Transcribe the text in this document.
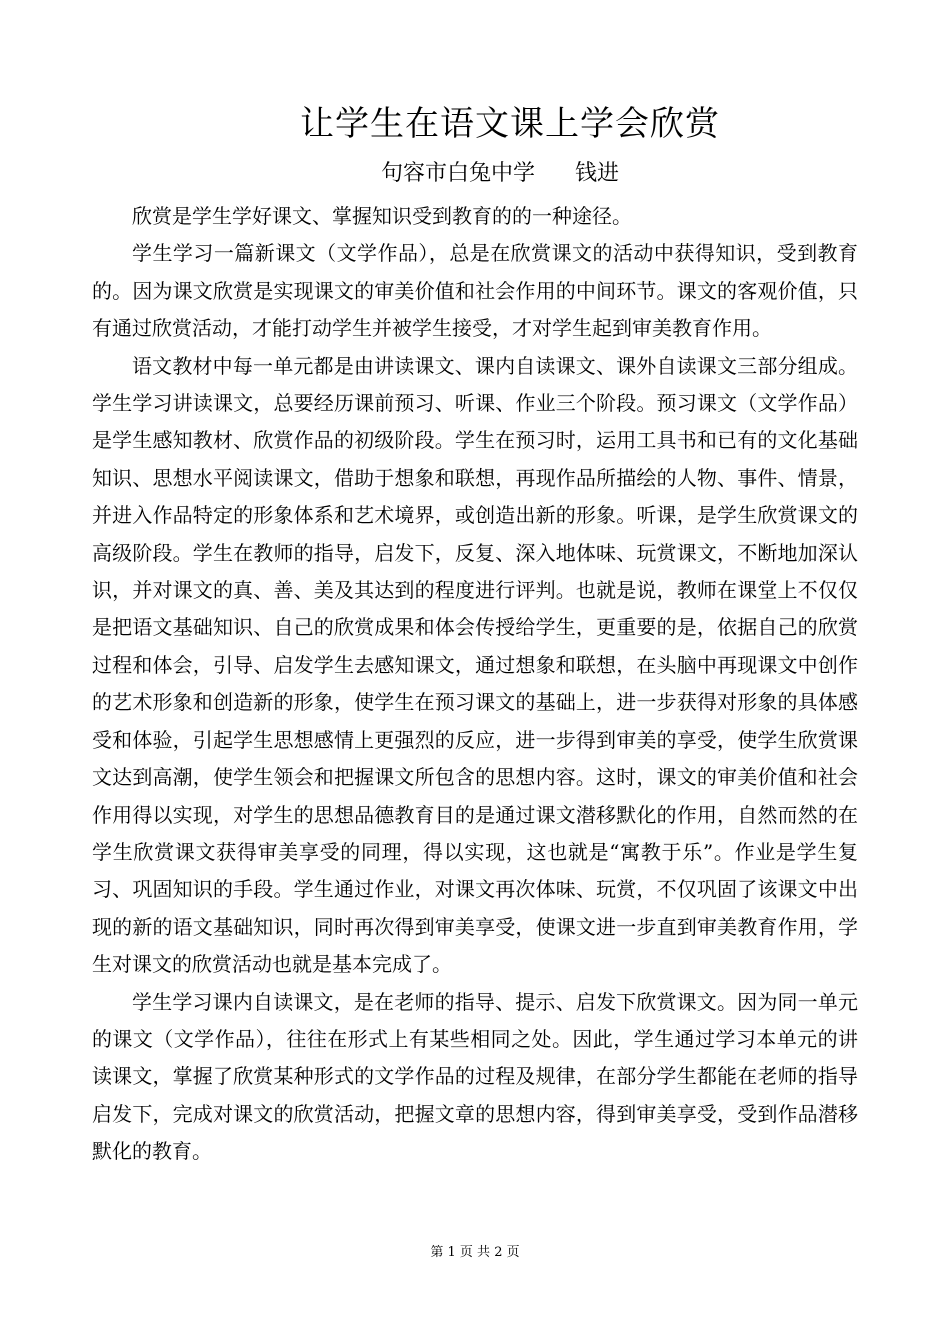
让学生在语文课上学会欣赏
句容市白兔中学 钱进

欣赏是学生学好课文、掌握知识受到教育的的一种途径。

学生学习一篇新课文（文学作品），总是在欣赏课文的活动中获得知识，受到教育的。因为课文欣赏是实现课文的审美价值和社会作用的中间环节。课文的客观价值，只有通过欣赏活动，才能打动学生并被学生接受，才对学生起到审美教育作用。

语文教材中每一单元都是由讲读课文、课内自读课文、课外自读课文三部分组成。学生学习讲读课文，总要经历课前预习、听课、作业三个阶段。预习课文（文学作品）是学生感知教材、欣赏作品的初级阶段。学生在预习时，运用工具书和已有的文化基础知识、思想水平阅读课文，借助于想象和联想，再现作品所描绘的人物、事件、情景，并进入作品特定的形象体系和艺术境界，或创造出新的形象。听课，是学生欣赏课文的高级阶段。学生在教师的指导，启发下，反复、深入地体味、玩赏课文，不断地加深认识，并对课文的真、善、美及其达到的程度进行评判。也就是说，教师在课堂上不仅仅是把语文基础知识、自己的欣赏成果和体会传授给学生，更重要的是，依据自己的欣赏过程和体会，引导、启发学生去感知课文，通过想象和联想，在头脑中再现课文中创作的艺术形象和创造新的形象，使学生在预习课文的基础上，进一步获得对形象的具体感受和体验，引起学生思想感情上更强烈的反应，进一步得到审美的享受，使学生欣赏课文达到高潮，使学生领会和把握课文所包含的思想内容。这时，课文的审美价值和社会作用得以实现，对学生的思想品德教育目的是通过课文潜移默化的作用，自然而然的在学生欣赏课文获得审美享受的同理，得以实现，这也就是“寓教于乐”。作业是学生复习、巩固知识的手段。学生通过作业，对课文再次体味、玩赏，不仅巩固了该课文中出现的新的语文基础知识，同时再次得到审美享受，使课文进一步直到审美教育作用，学生对课文的欣赏活动也就是基本完成了。

学生学习课内自读课文，是在老师的指导、提示、启发下欣赏课文。因为同一单元的课文（文学作品），往往在形式上有某些相同之处。因此，学生通过学习本单元的讲读课文，掌握了欣赏某种形式的文学作品的过程及规律，在部分学生都能在老师的指导启发下，完成对课文的欣赏活动，把握文章的思想内容，得到审美享受，受到作品潜移默化的教育。

第 1 页 共 2 页
